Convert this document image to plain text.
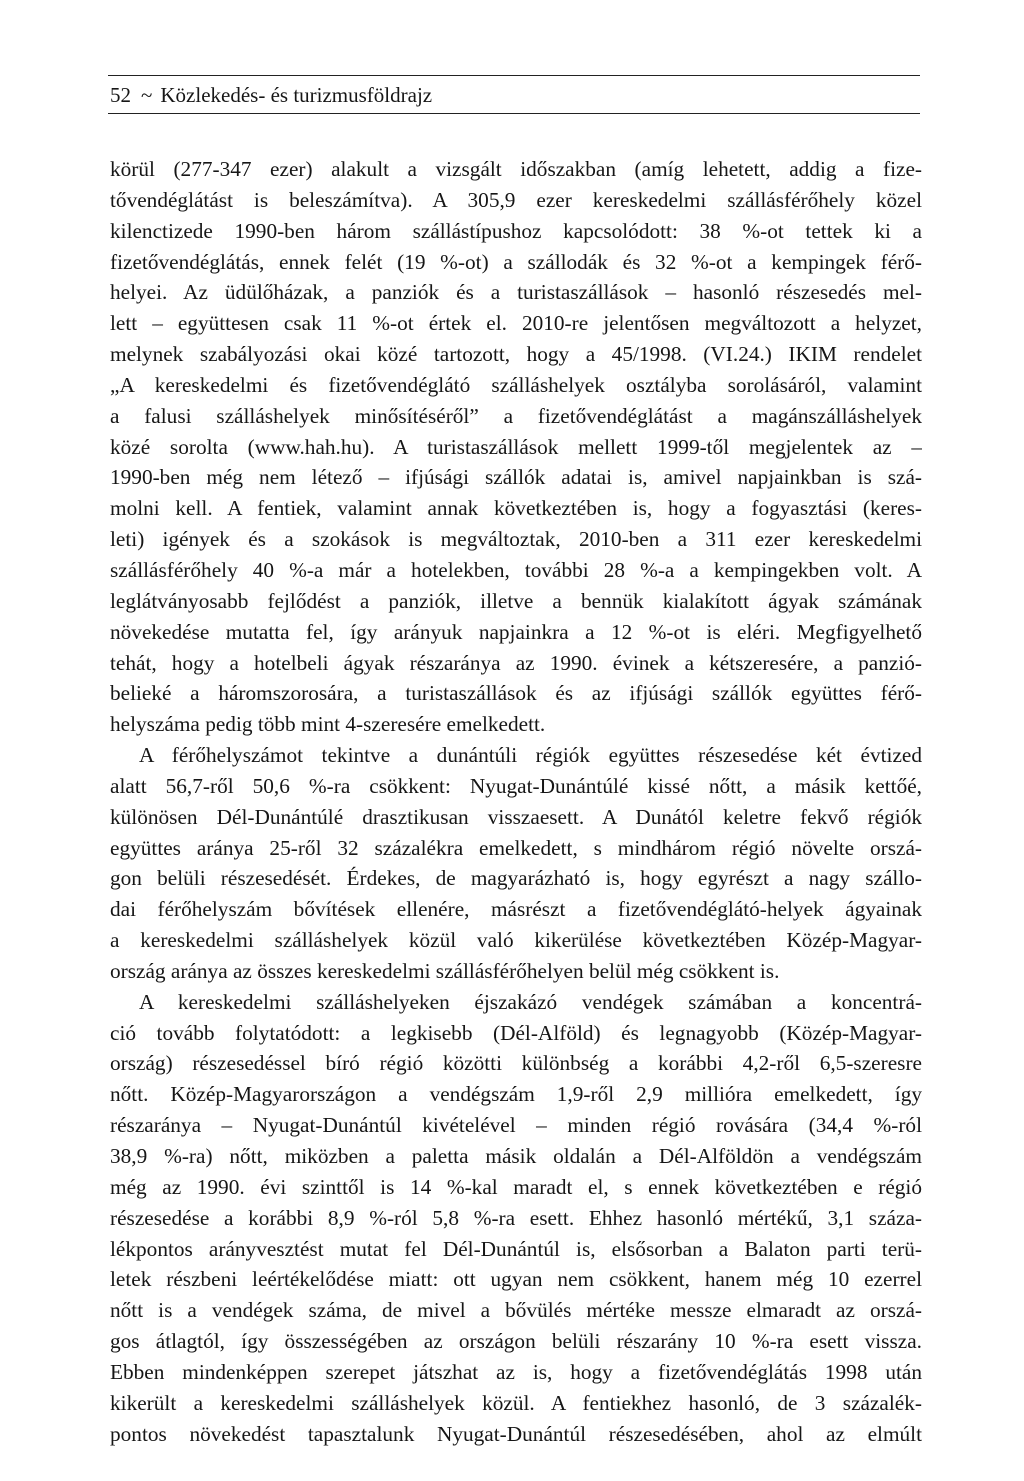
52 ~ Közlekedés- és turizmusföldrajz
körül (277-347 ezer) alakult a vizsgált időszakban (amíg lehetett, addig a fize-
tővendéglátást is beleszámítva). A 305,9 ezer kereskedelmi szállásférőhely közel
kilenctizede 1990-ben három szállástípushoz kapcsolódott: 38 %-ot tettek ki a
fizetővendéglátás, ennek felét (19 %-ot) a szállodák és 32 %-ot a kempingek férő-
helyei. Az üdülőházak, a panziók és a turistaszállások – hasonló részesedés mel-
lett – együttesen csak 11 %-ot értek el. 2010-re jelentősen megváltozott a helyzet,
melynek szabályozási okai közé tartozott, hogy a 45/1998. (VI.24.) IKIM rendelet
„A kereskedelmi és fizetővendéglátó szálláshelyek osztályba sorolásáról, valamint
a falusi szálláshelyek minősítéséről” a fizetővendéglátást a magánszálláshelyek
közé sorolta (www.hah.hu). A turistaszállások mellett 1999-től megjelentek az –
1990-ben még nem létező – ifjúsági szállók adatai is, amivel napjainkban is szá-
molni kell. A fentiek, valamint annak következtében is, hogy a fogyasztási (keres-
leti) igények és a szokások is megváltoztak, 2010-ben a 311 ezer kereskedelmi
szállásférőhely 40 %-a már a hotelekben, további 28 %-a a kempingekben volt. A
leglátványosabb fejlődést a panziók, illetve a bennük kialakított ágyak számának
növekedése mutatta fel, így arányuk napjainkra a 12 %-ot is eléri. Megfigyelhető
tehát, hogy a hotelbeli ágyak részaránya az 1990. évinek a kétszeresére, a panzió-
belieké a háromszorosára, a turistaszállások és az ifjúsági szállók együttes férő-
helyszáma pedig több mint 4-szeresére emelkedett.
A férőhelyszámot tekintve a dunántúli régiók együttes részesedése két évtized
alatt 56,7-ről 50,6 %-ra csökkent: Nyugat-Dunántúlé kissé nőtt, a másik kettőé,
különösen Dél-Dunántúlé drasztikusan visszaesett. A Dunától keletre fekvő régiók
együttes aránya 25-ről 32 százalékra emelkedett, s mindhárom régió növelte orszá-
gon belüli részesedését. Érdekes, de magyarázható is, hogy egyrészt a nagy szállo-
dai férőhelyszám bővítések ellenére, másrészt a fizetővendéglátó-helyek ágyainak
a kereskedelmi szálláshelyek közül való kikerülése következtében Közép-Magyar-
ország aránya az összes kereskedelmi szállásférőhelyen belül még csökkent is.
A kereskedelmi szálláshelyeken éjszakázó vendégek számában a koncentrá-
ció tovább folytatódott: a legkisebb (Dél-Alföld) és legnagyobb (Közép-Magyar-
ország) részesedéssel bíró régió közötti különbség a korábbi 4,2-ről 6,5-szeresre
nőtt. Közép-Magyarországon a vendégszám 1,9-ről 2,9 millióra emelkedett, így
részaránya – Nyugat-Dunántúl kivételével – minden régió rovására (34,4 %-ról
38,9 %-ra) nőtt, miközben a paletta másik oldalán a Dél-Alföldön a vendégszám
még az 1990. évi szinttől is 14 %-kal maradt el, s ennek következtében e régió
részesedése a korábbi 8,9 %-ról 5,8 %-ra esett. Ehhez hasonló mértékű, 3,1 száza-
lékpontos arányvesztést mutat fel Dél-Dunántúl is, elsősorban a Balaton parti terü-
letek részbeni leértékelődése miatt: ott ugyan nem csökkent, hanem még 10 ezerrel
nőtt is a vendégek száma, de mivel a bővülés mértéke messze elmaradt az orszá-
gos átlagtól, így összességében az országon belüli részarány 10 %-ra esett vissza.
Ebben mindenképpen szerepet játszhat az is, hogy a fizetővendéglátás 1998 után
kikerült a kereskedelmi szálláshelyek közül. A fentiekhez hasonló, de 3 százalék-
pontos növekedést tapasztalunk Nyugat-Dunántúl részesedésében, ahol az elmúlt
